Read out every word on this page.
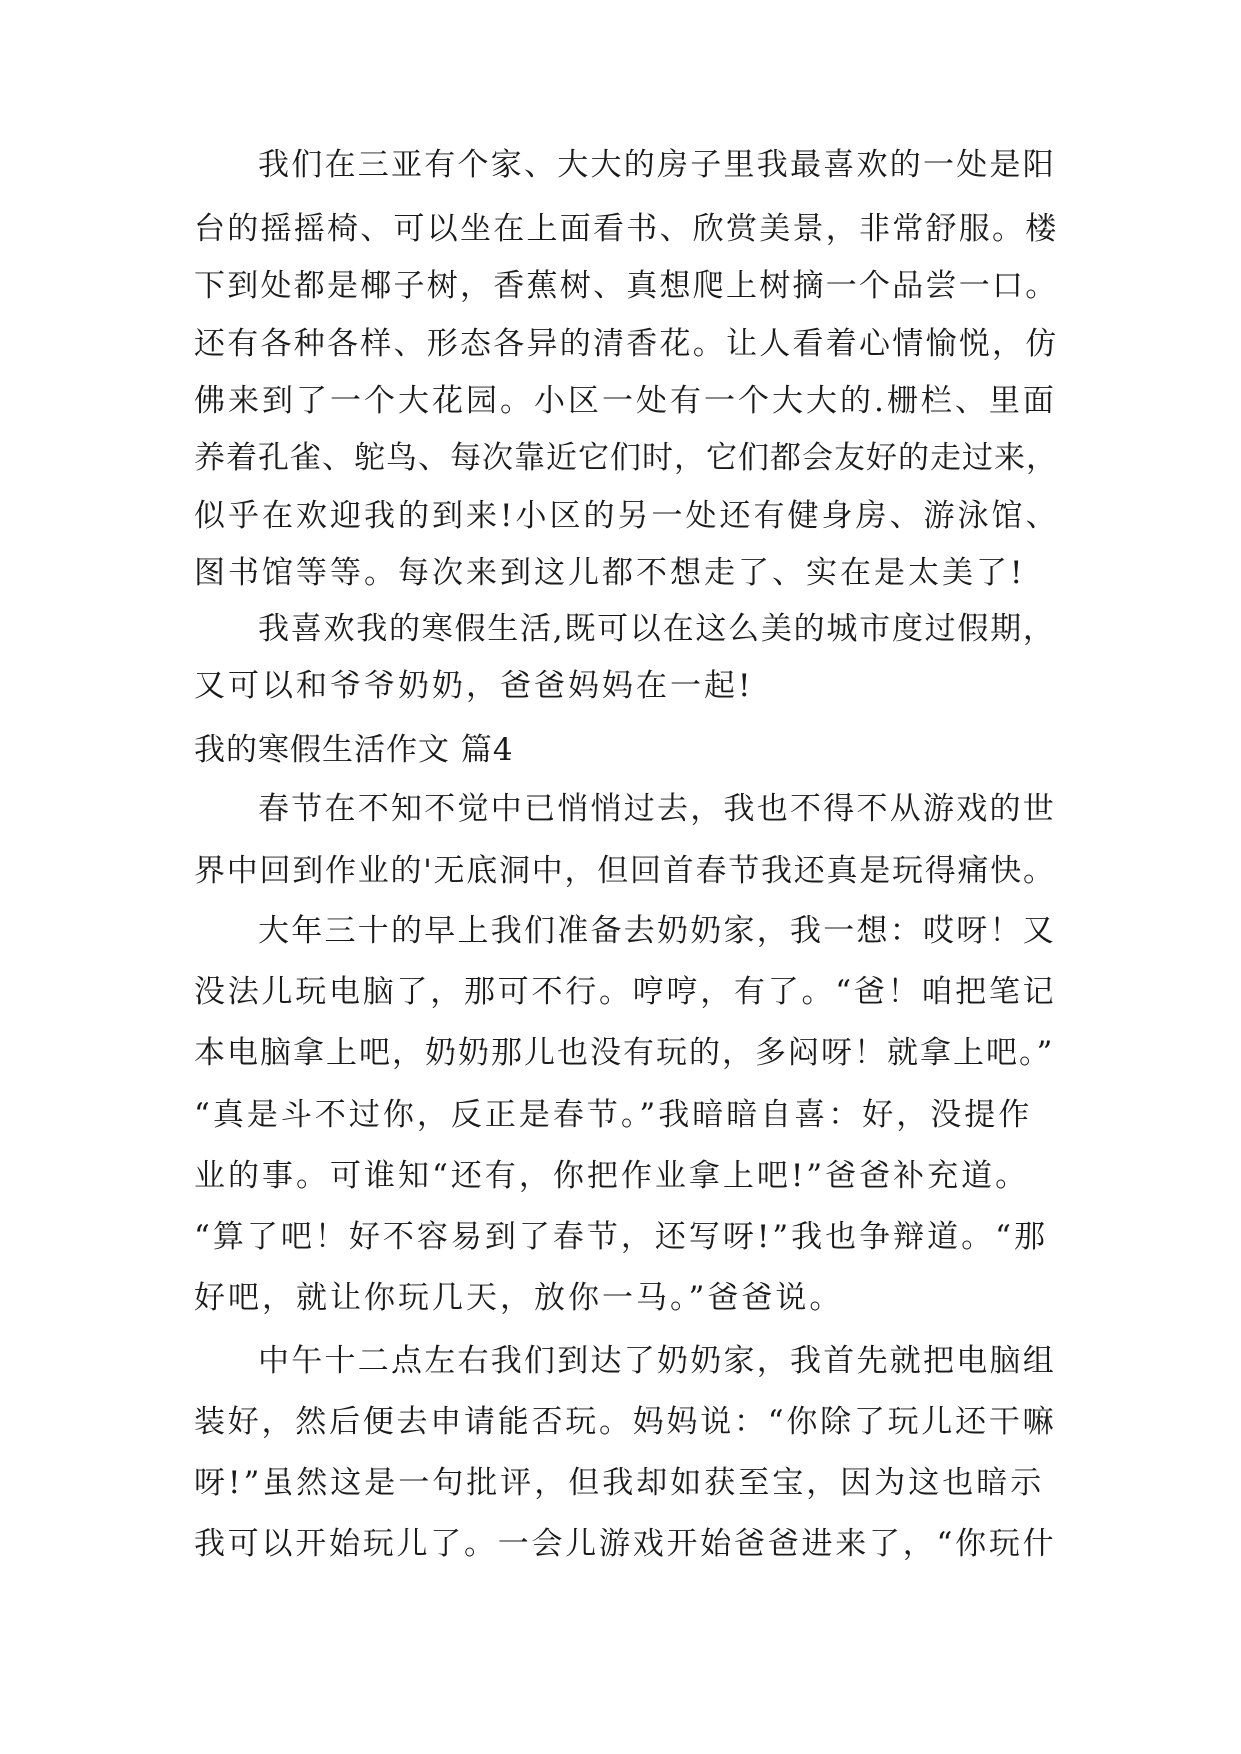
我们在三亚有个家、大大的房子里我最喜欢的一处是阳
台的摇摇椅、可以坐在上面看书、欣赏美景，非常舒服。楼
下到处都是椰子树，香蕉树、真想爬上树摘一个品尝一口。
还有各种各样、形态各异的清香花。让人看着心情愉悦，仿
佛来到了一个大花园。小区一处有一个大大的.栅栏、里面
养着孔雀、鸵鸟、每次靠近它们时，它们都会友好的走过来，
似乎在欢迎我的到来!小区的另一处还有健身房、游泳馆、
图书馆等等。每次来到这儿都不想走了、实在是太美了!
我喜欢我的寒假生活,既可以在这么美的城市度过假期，
又可以和爷爷奶奶，爸爸妈妈在一起!
我的寒假生活作文 篇4
春节在不知不觉中已悄悄过去，我也不得不从游戏的世
界中回到作业的'无底洞中，但回首春节我还真是玩得痛快。
大年三十的早上我们准备去奶奶家，我一想：哎呀！又
没法儿玩电脑了，那可不行。哼哼，有了。“爸！咱把笔记
本电脑拿上吧，奶奶那儿也没有玩的，多闷呀！就拿上吧。”
“真是斗不过你，反正是春节。”我暗暗自喜：好，没提作
业的事。可谁知“还有，你把作业拿上吧!”爸爸补充道。
“算了吧！好不容易到了春节，还写呀!”我也争辩道。“那
好吧，就让你玩几天，放你一马。”爸爸说。
中午十二点左右我们到达了奶奶家，我首先就把电脑组
装好，然后便去申请能否玩。妈妈说：“你除了玩儿还干嘛
呀!”虽然这是一句批评，但我却如获至宝，因为这也暗示
我可以开始玩儿了。一会儿游戏开始爸爸进来了，“你玩什
